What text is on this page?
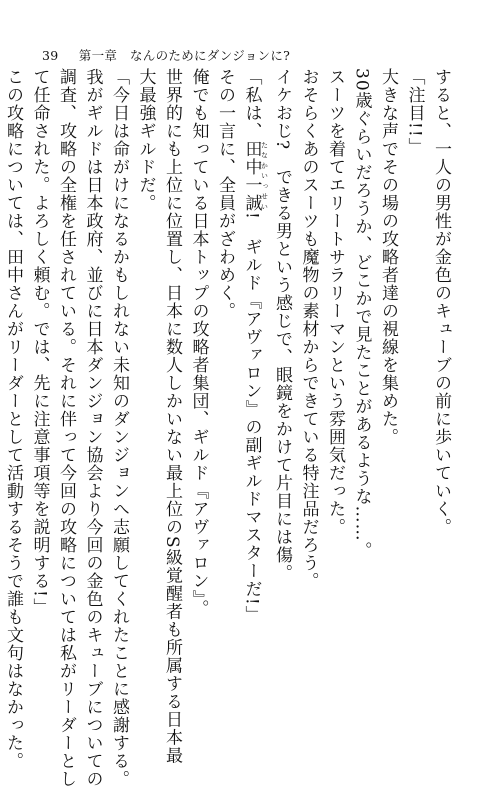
39 第一章　なんのためにダンジョンに?

すると、一人の男性が金色のキューブの前に歩いていく。

「注目!!」

大きな声でその場の攻略者達の視線を集めた。

30歳ぐらいだろうか、どこかで見たことがあるような……。

スーツを着てエリートサラリーマンという雰囲気だった。

おそらくあのスーツも魔物の素材からできている特注品だろう。

イケおじ?　できる男という感じで、眼鏡をかけて片目には傷。

「私は、田中一誠 たなかいっせい!　ギルド『アヴァロン』の副ギルドマスターだ!」

その一言に、全員がざわめく。

俺でも知っている日本トップの攻略者集団、ギルド『アヴァロン』。

世界的にも上位に位置し、日本に数人しかいない最上位のS級覚醒者も所属する日本最

大最強ギルドだ。

「今日は命がけになるかもしれない未知のダンジョンへ志願してくれたことに感謝する。

我がギルドは日本政府、並びに日本ダンジョン協会より今回の金色のキューブについての

調査、攻略の全権を任されている。それに伴って今回の攻略については私がリーダーとし

て任命された。よろしく頼む。では、先に注意事項等を説明する!」

この攻略については、田中さんがリーダーとして活動するそうで誰も文句はなかった。
